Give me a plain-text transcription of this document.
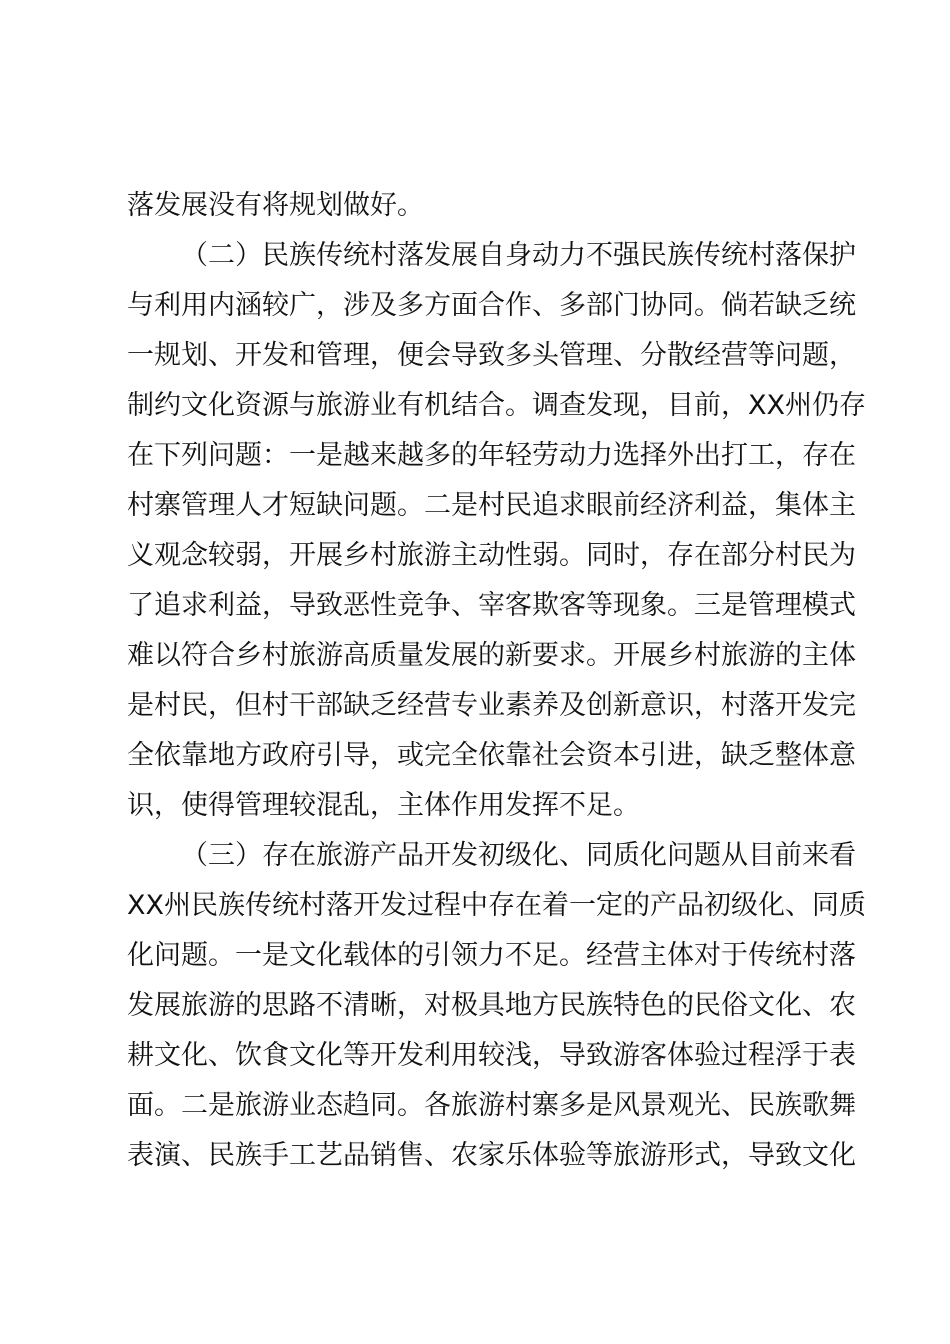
落发展没有将规划做好。
（二）民族传统村落发展自身动力不强民族传统村落保护
与利用内涵较广，涉及多方面合作、多部门协同。倘若缺乏统
一规划、开发和管理，便会导致多头管理、分散经营等问题，
制约文化资源与旅游业有机结合。调查发现，目前，XX州仍存
在下列问题：一是越来越多的年轻劳动力选择外出打工，存在
村寨管理人才短缺问题。二是村民追求眼前经济利益，集体主
义观念较弱，开展乡村旅游主动性弱。同时，存在部分村民为
了追求利益，导致恶性竞争、宰客欺客等现象。三是管理模式
难以符合乡村旅游高质量发展的新要求。开展乡村旅游的主体
是村民，但村干部缺乏经营专业素养及创新意识，村落开发完
全依靠地方政府引导，或完全依靠社会资本引进，缺乏整体意
识，使得管理较混乱，主体作用发挥不足。
（三）存在旅游产品开发初级化、同质化问题从目前来看
XX州民族传统村落开发过程中存在着一定的产品初级化、同质
化问题。一是文化载体的引领力不足。经营主体对于传统村落
发展旅游的思路不清晰，对极具地方民族特色的民俗文化、农
耕文化、饮食文化等开发利用较浅，导致游客体验过程浮于表
面。二是旅游业态趋同。各旅游村寨多是风景观光、民族歌舞
表演、民族手工艺品销售、农家乐体验等旅游形式，导致文化
